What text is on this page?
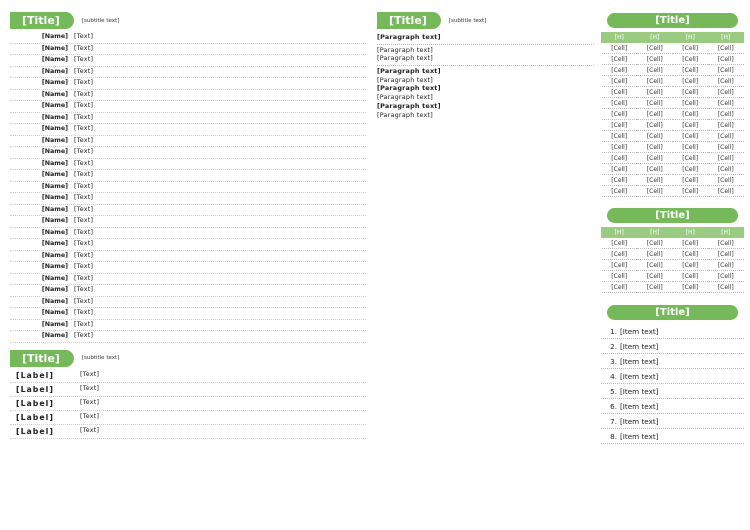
[Title]	[subtitle text]
[Name] [Text]
[Name] [Text]
[Name] [Text]
[Name] [Text]
[Name] [Text]
[Name] [Text]
[Name] [Text]
[Name] [Text]
[Name] [Text]
[Name] [Text]
[Name] [Text]
[Name] [Text]
[Name] [Text]
[Name] [Text]
[Name] [Text]
[Name] [Text]
[Name] [Text]
[Name] [Text]
[Name] [Text]
[Name] [Text]
[Name] [Text]
[Name] [Text]
[Name] [Text]
[Name] [Text]
[Name] [Text]
[Name] [Text]
[Name] [Text]
[Title]	[subtitle text]
[Label]	[Text]
[Label]	[Text]
[Label]	[Text]
[Label]	[Text]
[Label]	[Text]
[Title]	[subtitle text]

[Paragraph text]

[Paragraph text]

[Paragraph text]

[Paragraph text]

[Paragraph text]

[Paragraph text]

[Paragraph text]

[Paragraph text]

[Paragraph text]

[Title]
[H]	[H]	[H]	[H]
[Cell]	[Cell]	[Cell]	[Cell]
[Cell]	[Cell]	[Cell]	[Cell]
[Cell]	[Cell]	[Cell]	[Cell]
[Cell]	[Cell]	[Cell]	[Cell]
[Cell]	[Cell]	[Cell]	[Cell]
[Cell]	[Cell]	[Cell]	[Cell]
[Cell]	[Cell]	[Cell]	[Cell]
[Cell]	[Cell]	[Cell]	[Cell]
[Cell]	[Cell]	[Cell]	[Cell]
[Cell]	[Cell]	[Cell]	[Cell]
[Cell]	[Cell]	[Cell]	[Cell]
[Cell]	[Cell]	[Cell]	[Cell]
[Cell]	[Cell]	[Cell]	[Cell]
[Cell]	[Cell]	[Cell]	[Cell]
[Title]
[H]	[H]	[H]	[H]
[Cell]	[Cell]	[Cell]	[Cell]
[Cell]	[Cell]	[Cell]	[Cell]
[Cell]	[Cell]	[Cell]	[Cell]
[Cell]	[Cell]	[Cell]	[Cell]
[Cell]	[Cell]	[Cell]	[Cell]
[Title]
1. [Item text]
2. [Item text]
3. [Item text]
4. [Item text]
5. [Item text]
6. [Item text]
7. [Item text]
8. [Item text]
